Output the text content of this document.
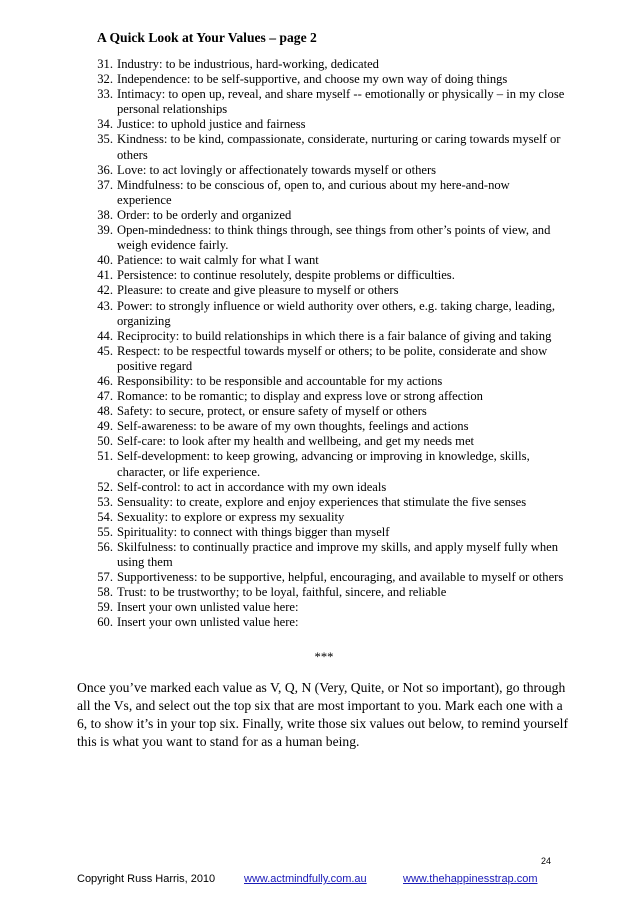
A Quick Look at Your Values – page 2
31. Industry: to be industrious, hard-working, dedicated
32. Independence: to be self-supportive, and choose my own way of doing things
33. Intimacy: to open up, reveal, and share myself -- emotionally or physically – in my close personal relationships
34. Justice: to uphold justice and fairness
35. Kindness: to be kind, compassionate, considerate, nurturing or caring towards myself or others
36. Love: to act lovingly or affectionately towards myself or others
37. Mindfulness: to be conscious of, open to, and curious about my here-and-now experience
38. Order: to be orderly and organized
39. Open-mindedness: to think things through, see things from other’s points of view, and weigh evidence fairly.
40. Patience: to wait calmly for what I want
41. Persistence: to continue resolutely, despite problems or difficulties.
42. Pleasure: to create and give pleasure to myself or others
43. Power: to strongly influence or wield authority over others, e.g. taking charge, leading, organizing
44. Reciprocity: to build relationships in which there is a fair balance of giving and taking
45. Respect: to be respectful towards myself or others; to be polite, considerate and show positive regard
46. Responsibility: to be responsible and accountable for my actions
47. Romance: to be romantic; to display and express love or strong affection
48. Safety: to secure, protect, or ensure safety of myself or others
49. Self-awareness: to be aware of my own thoughts, feelings and actions
50. Self-care: to look after my health and wellbeing, and get my needs met
51. Self-development: to keep growing, advancing or improving in knowledge, skills, character, or life experience.
52. Self-control: to act in accordance with my own ideals
53. Sensuality: to create, explore and enjoy experiences that stimulate the five senses
54. Sexuality: to explore or express my sexuality
55. Spirituality: to connect with things bigger than myself
56. Skilfulness: to continually practice and improve my skills, and apply myself fully when using them
57. Supportiveness: to be supportive, helpful, encouraging, and available to myself or others
58. Trust: to be trustworthy; to be loyal, faithful, sincere, and reliable
59. Insert your own unlisted value here:
60. Insert your own unlisted value here:
***

Once you’ve marked each value as V, Q, N (Very, Quite, or Not so important), go through all the Vs, and select out the top six that are most important to you. Mark each one with a 6, to show it’s in your top six. Finally, write those six values out below, to remind yourself this is what you want to stand for as a human being.

24
Copyright Russ Harris, 2010	www.actmindfully.com.au	www.thehappinesstrap.com
